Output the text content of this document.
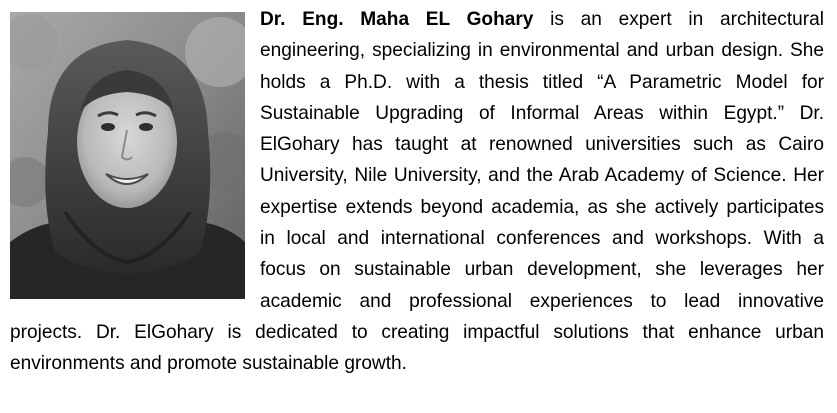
Dr. Eng. Maha EL Gohary is an expert in architectural engineering, specializing in environmental and urban design. She holds a Ph.D. with a thesis titled “A Parametric Model for Sustainable Upgrading of Informal Areas within Egypt.” Dr. ElGohary has taught at renowned universities such as Cairo University, Nile University, and the Arab Academy of Science. Her expertise extends beyond academia, as she actively participates in local and international conferences and workshops. With a focus on sustainable urban development, she leverages her academic and professional experiences to lead innovative projects. Dr. ElGohary is dedicated to creating impactful solutions that enhance urban environments and promote sustainable growth.
